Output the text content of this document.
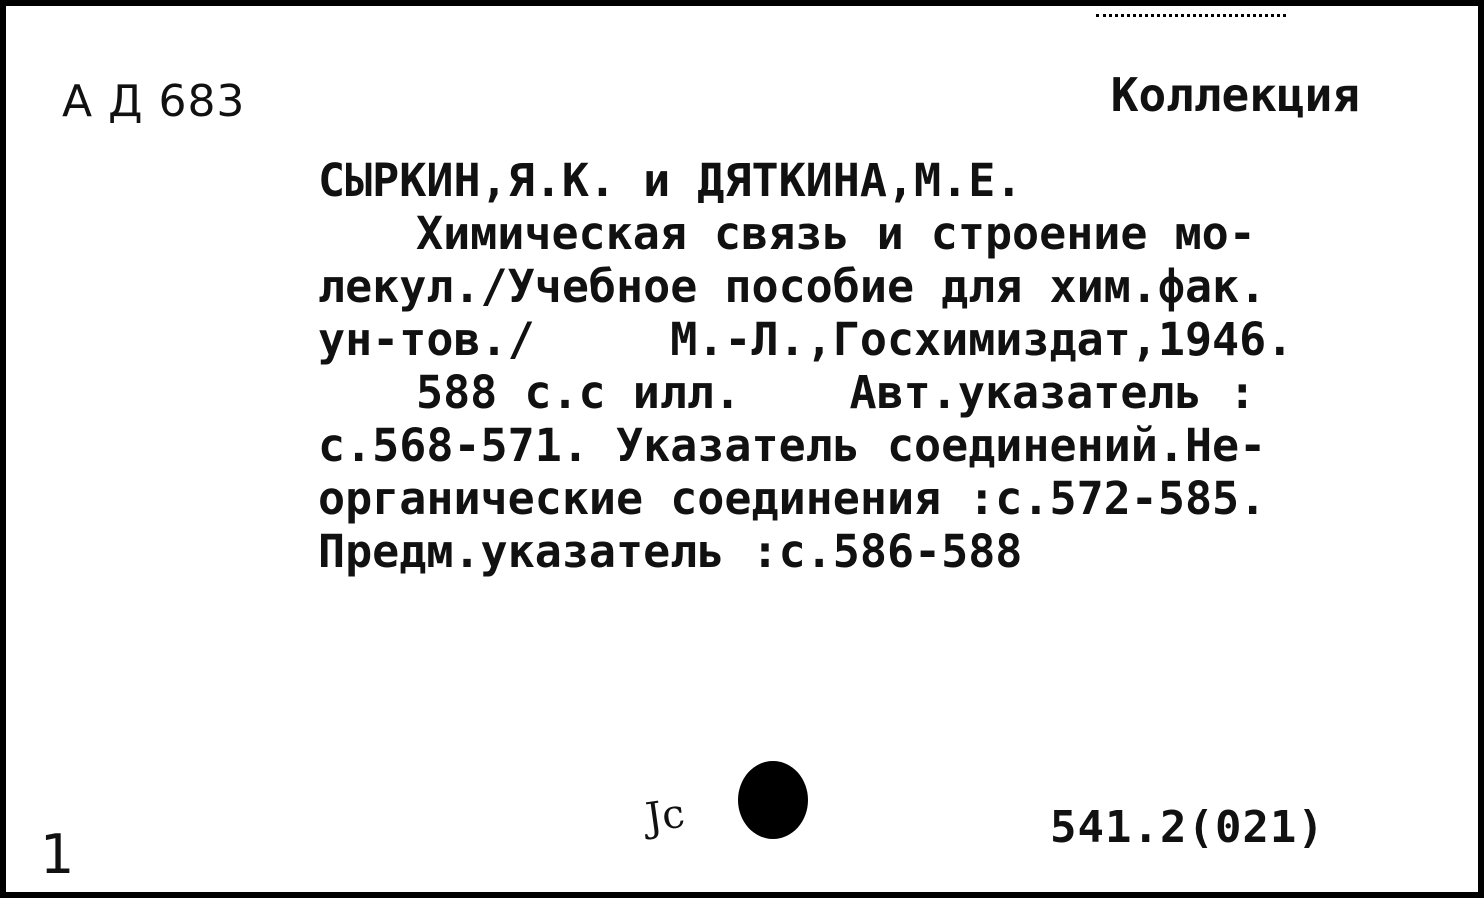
А Д 683	Коллекция
СЫРКИН,Я.К. и ДЯТКИНА,М.Е.
Химическая связь и строение мо-
лекул./Учебное пособие для хим.фак.
ун-тов./     М.-Л.,Госхимиздат,1946.
588 с.с илл.    Авт.указатель :
с.568-571. Указатель соединений.Не-
органические соединения :с.572-585.
Предм.указатель :с.586-588
1
Jc	541.2(021)
